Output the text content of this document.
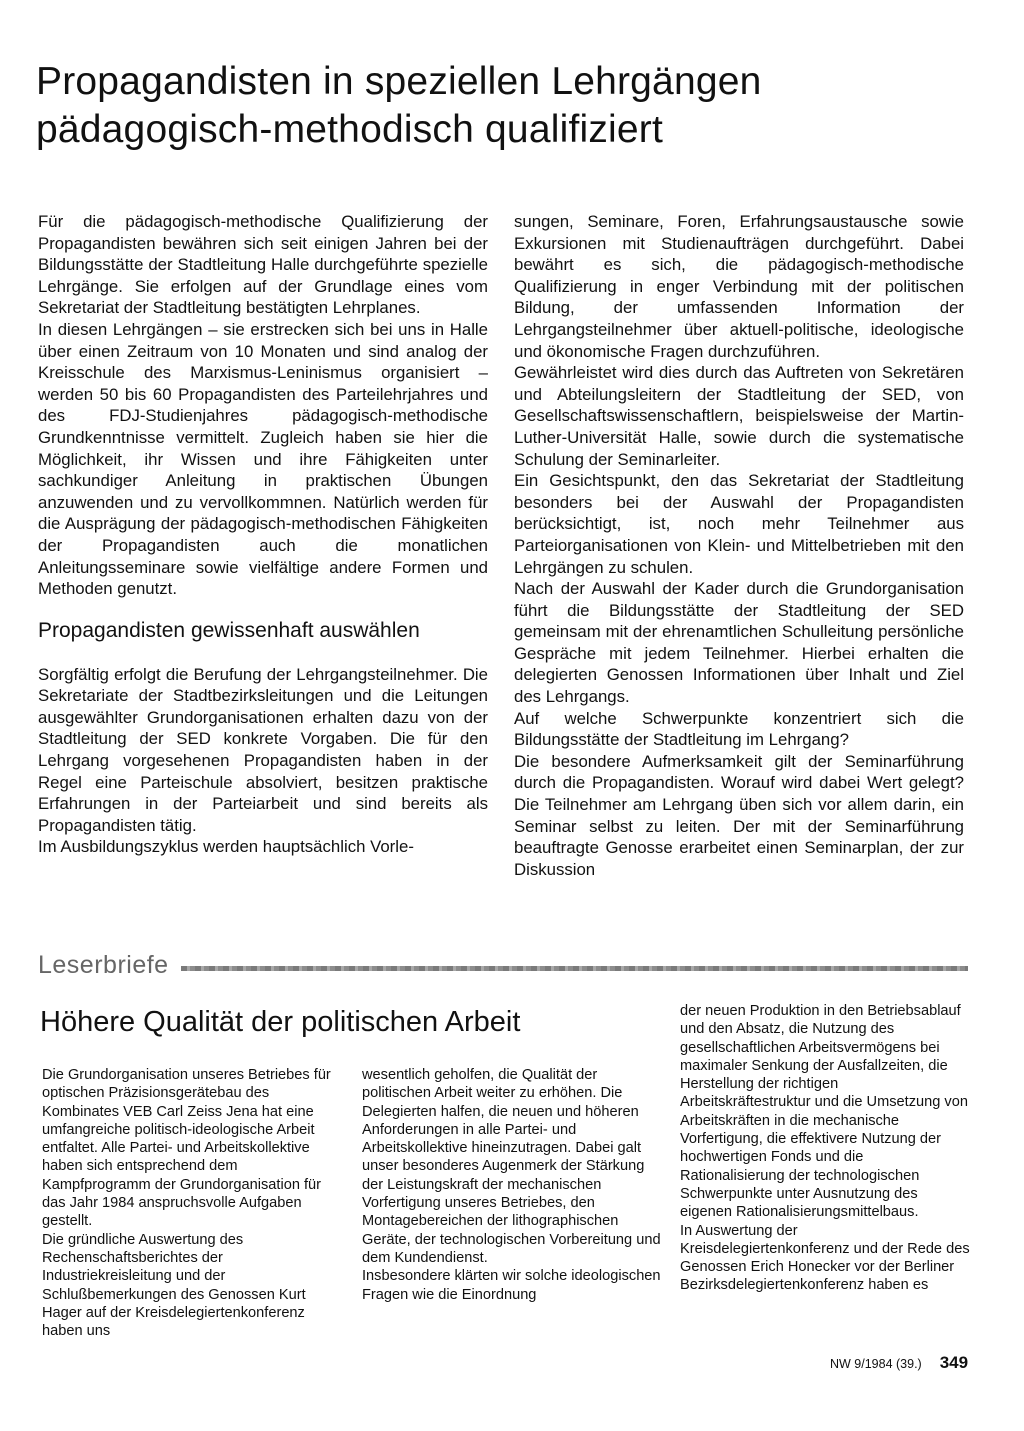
Propagandisten in speziellen Lehrgängen pädagogisch-methodisch qualifiziert

Für die pädagogisch-methodische Qualifizierung der Propagandisten bewähren sich seit einigen Jahren bei der Bildungsstätte der Stadtleitung Halle durchgeführte spezielle Lehrgänge. Sie erfolgen auf der Grundlage eines vom Sekretariat der Stadtleitung bestätigten Lehrplanes.

In diesen Lehrgängen – sie erstrecken sich bei uns in Halle über einen Zeitraum von 10 Monaten und sind analog der Kreisschule des Marxismus-Leninismus organisiert – werden 50 bis 60 Propagandisten des Parteilehrjahres und des FDJ-Studienjahres pädagogisch-methodische Grundkenntnisse vermittelt. Zugleich haben sie hier die Möglichkeit, ihr Wissen und ihre Fähigkeiten unter sachkundiger Anleitung in praktischen Übungen anzuwenden und zu vervollkommnen. Natürlich werden für die Ausprägung der pädagogisch-methodischen Fähigkeiten der Propagandisten auch die monatlichen Anleitungsseminare sowie vielfältige andere Formen und Methoden genutzt.

Propagandisten gewissenhaft auswählen

Sorgfältig erfolgt die Berufung der Lehrgangsteilnehmer. Die Sekretariate der Stadtbezirksleitungen und die Leitungen ausgewählter Grundorganisationen erhalten dazu von der Stadtleitung der SED konkrete Vorgaben. Die für den Lehrgang vorgesehenen Propagandisten haben in der Regel eine Parteischule absolviert, besitzen praktische Erfahrungen in der Parteiarbeit und sind bereits als Propagandisten tätig.

Im Ausbildungszyklus werden hauptsächlich Vorle-

sungen, Seminare, Foren, Erfahrungsaustausche sowie Exkursionen mit Studienaufträgen durchgeführt. Dabei bewährt es sich, die pädagogisch-methodische Qualifizierung in enger Verbindung mit der politischen Bildung, der umfassenden Information der Lehrgangsteilnehmer über aktuell-politische, ideologische und ökonomische Fragen durchzuführen.

Gewährleistet wird dies durch das Auftreten von Sekretären und Abteilungsleitern der Stadtleitung der SED, von Gesellschaftswissenschaftlern, beispielsweise der Martin-Luther-Universität Halle, sowie durch die systematische Schulung der Seminarleiter.

Ein Gesichtspunkt, den das Sekretariat der Stadtleitung besonders bei der Auswahl der Propagandisten berücksichtigt, ist, noch mehr Teilnehmer aus Parteiorganisationen von Klein- und Mittelbetrieben mit den Lehrgängen zu schulen.

Nach der Auswahl der Kader durch die Grundorganisation führt die Bildungsstätte der Stadtleitung der SED gemeinsam mit der ehrenamtlichen Schulleitung persönliche Gespräche mit jedem Teilnehmer. Hierbei erhalten die delegierten Genossen Informationen über Inhalt und Ziel des Lehrgangs.

Auf welche Schwerpunkte konzentriert sich die Bildungsstätte der Stadtleitung im Lehrgang?

Die besondere Aufmerksamkeit gilt der Seminarführung durch die Propagandisten. Worauf wird dabei Wert gelegt? Die Teilnehmer am Lehrgang üben sich vor allem darin, ein Seminar selbst zu leiten. Der mit der Seminarführung beauftragte Genosse erarbeitet einen Seminarplan, der zur Diskussion

Leserbriefe
Höhere Qualität der politischen Arbeit

Die Grundorganisation unseres Betriebes für optischen Präzisionsgerätebau des Kombinates VEB Carl Zeiss Jena hat eine umfangreiche politisch-ideologische Arbeit entfaltet. Alle Partei- und Arbeitskollektive haben sich entsprechend dem Kampfprogramm der Grundorganisation für das Jahr 1984 anspruchsvolle Aufgaben gestellt.

Die gründliche Auswertung des Rechenschaftsberichtes der Industriekreisleitung und der Schlußbemerkungen des Genossen Kurt Hager auf der Kreisdelegiertenkonferenz haben uns

wesentlich geholfen, die Qualität der politischen Arbeit weiter zu erhöhen. Die Delegierten halfen, die neuen und höheren Anforderungen in alle Partei- und Arbeitskollektive hineinzutragen. Dabei galt unser besonderes Augenmerk der Stärkung der Leistungskraft der mechanischen Vorfertigung unseres Betriebes, den Montagebereichen der lithographischen Geräte, der technologischen Vorbereitung und dem Kundendienst.

Insbesondere klärten wir solche ideologischen Fragen wie die Einordnung

der neuen Produktion in den Betriebsablauf und den Absatz, die Nutzung des gesellschaftlichen Arbeitsvermögens bei maximaler Senkung der Ausfallzeiten, die Herstellung der richtigen Arbeitskräftestruktur und die Umsetzung von Arbeitskräften in die mechanische Vorfertigung, die effektivere Nutzung der hochwertigen Fonds und die Rationalisierung der technologischen Schwerpunkte unter Ausnutzung des eigenen Rationalisierungsmittelbaus.

In Auswertung der Kreisdelegiertenkonferenz und der Rede des Genossen Erich Honecker vor der Berliner Bezirksdelegiertenkonferenz haben es

NW 9/1984 (39.) 349
